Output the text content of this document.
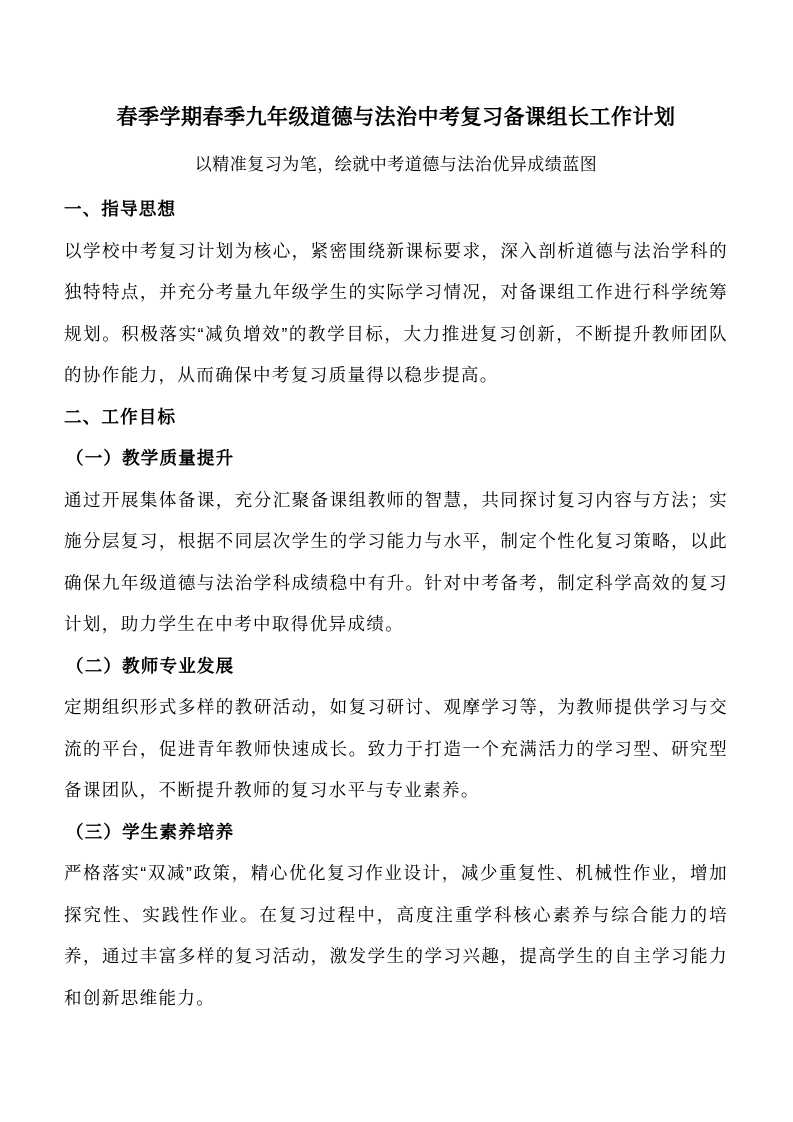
春季学期春季九年级道德与法治中考复习备课组长工作计划

以精准复习为笔，绘就中考道德与法治优异成绩蓝图

一、指导思想

以学校中考复习计划为核心，紧密围绕新课标要求，深入剖析道德与法治学科的独特特点，并充分考量九年级学生的实际学习情况，对备课组工作进行科学统筹规划。积极落实“减负增效”的教学目标，大力推进复习创新，不断提升教师团队的协作能力，从而确保中考复习质量得以稳步提高。

二、工作目标
（一）教学质量提升

通过开展集体备课，充分汇聚备课组教师的智慧，共同探讨复习内容与方法；实施分层复习，根据不同层次学生的学习能力与水平，制定个性化复习策略，以此确保九年级道德与法治学科成绩稳中有升。针对中考备考，制定科学高效的复习计划，助力学生在中考中取得优异成绩。

（二）教师专业发展

定期组织形式多样的教研活动，如复习研讨、观摩学习等，为教师提供学习与交流的平台，促进青年教师快速成长。致力于打造一个充满活力的学习型、研究型备课团队，不断提升教师的复习水平与专业素养。

（三）学生素养培养

严格落实“双减”政策，精心优化复习作业设计，减少重复性、机械性作业，增加探究性、实践性作业。在复习过程中，高度注重学科核心素养与综合能力的培养，通过丰富多样的复习活动，激发学生的学习兴趣，提高学生的自主学习能力和创新思维能力。
